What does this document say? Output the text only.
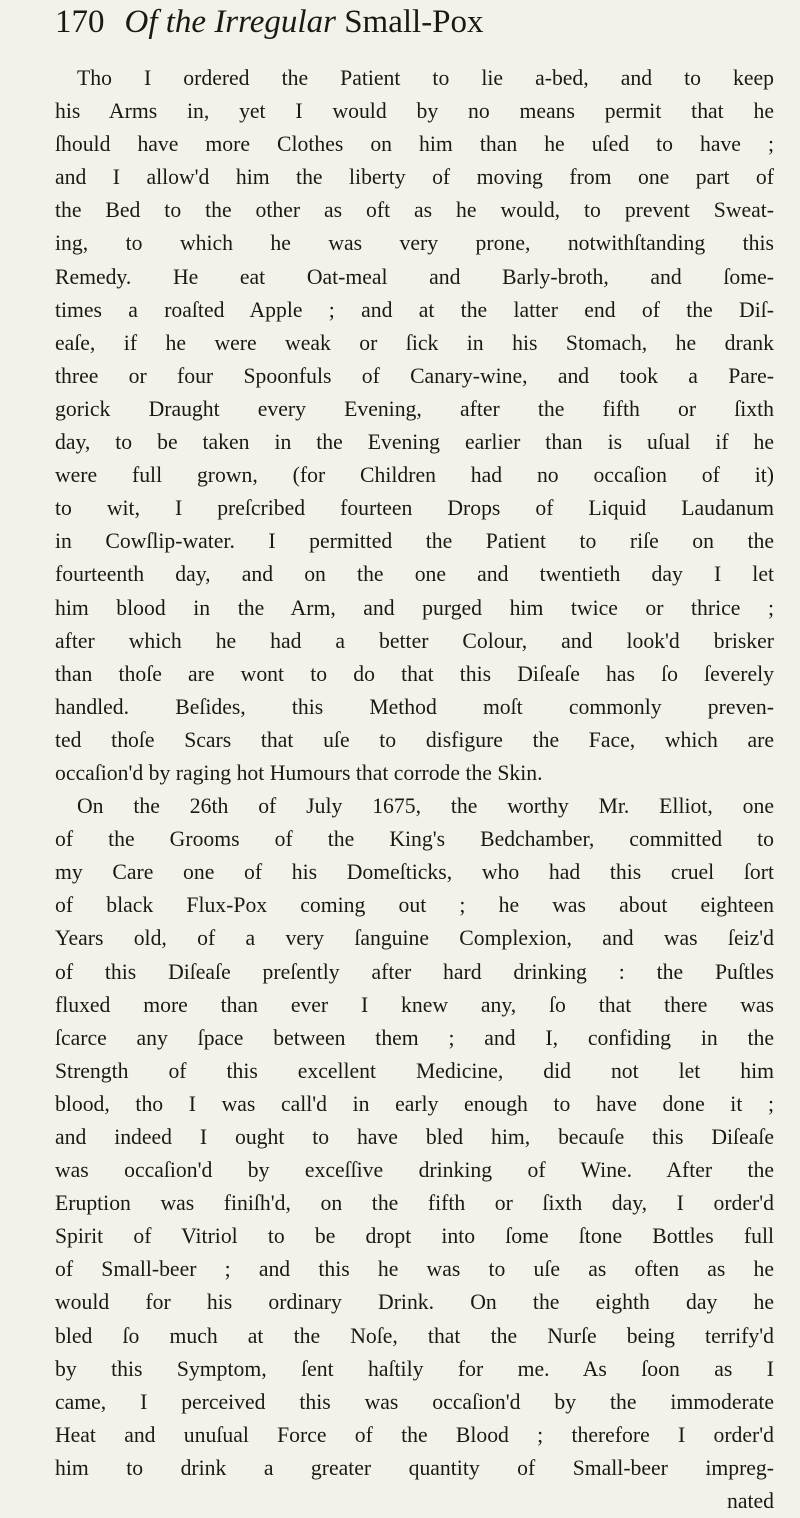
170 Of the Irregular Small-Pox
Tho I ordered the Patient to lie a-bed, and to keep
his Arms in, yet I would by no means permit that he
ſhould have more Clothes on him than he uſed to have ;
and I allow'd him the liberty of moving from one part of
the Bed to the other as oft as he would, to prevent Sweat-
ing, to which he was very prone, notwithſtanding this
Remedy. He eat Oat-meal and Barly-broth, and ſome-
times a roaſted Apple ; and at the latter end of the Diſ-
eaſe, if he were weak or ſick in his Stomach, he drank
three or four Spoonfuls of Canary-wine, and took a Pare-
gorick Draught every Evening, after the fifth or ſixth
day, to be taken in the Evening earlier than is uſual if he
were full grown, (for Children had no occaſion of it)
to wit, I preſcribed fourteen Drops of Liquid Laudanum
in Cowſlip-water. I permitted the Patient to riſe on the
fourteenth day, and on the one and twentieth day I let
him blood in the Arm, and purged him twice or thrice ;
after which he had a better Colour, and look'd brisker
than thoſe are wont to do that this Diſeaſe has ſo ſeverely
handled. Beſides, this Method moſt commonly preven-
ted thoſe Scars that uſe to disfigure the Face, which are
occaſion'd by raging hot Humours that corrode the Skin.
On the 26th of July 1675, the worthy Mr. Elliot, one
of the Grooms of the King's Bedchamber, committed to
my Care one of his Domeſticks, who had this cruel ſort
of black Flux-Pox coming out ; he was about eighteen
Years old, of a very ſanguine Complexion, and was ſeiz'd
of this Diſeaſe preſently after hard drinking : the Puſtles
fluxed more than ever I knew any, ſo that there was
ſcarce any ſpace between them ; and I, confiding in the
Strength of this excellent Medicine, did not let him
blood, tho I was call'd in early enough to have done it ;
and indeed I ought to have bled him, becauſe this Diſeaſe
was occaſion'd by exceſſive drinking of Wine. After the
Eruption was finiſh'd, on the fifth or ſixth day, I order'd
Spirit of Vitriol to be dropt into ſome ſtone Bottles full
of Small-beer ; and this he was to uſe as often as he
would for his ordinary Drink. On the eighth day he
bled ſo much at the Noſe, that the Nurſe being terrify'd
by this Symptom, ſent haſtily for me. As ſoon as I
came, I perceived this was occaſion'd by the immoderate
Heat and unuſual Force of the Blood ; therefore I order'd
him to drink a greater quantity of Small-beer impreg-
nated
